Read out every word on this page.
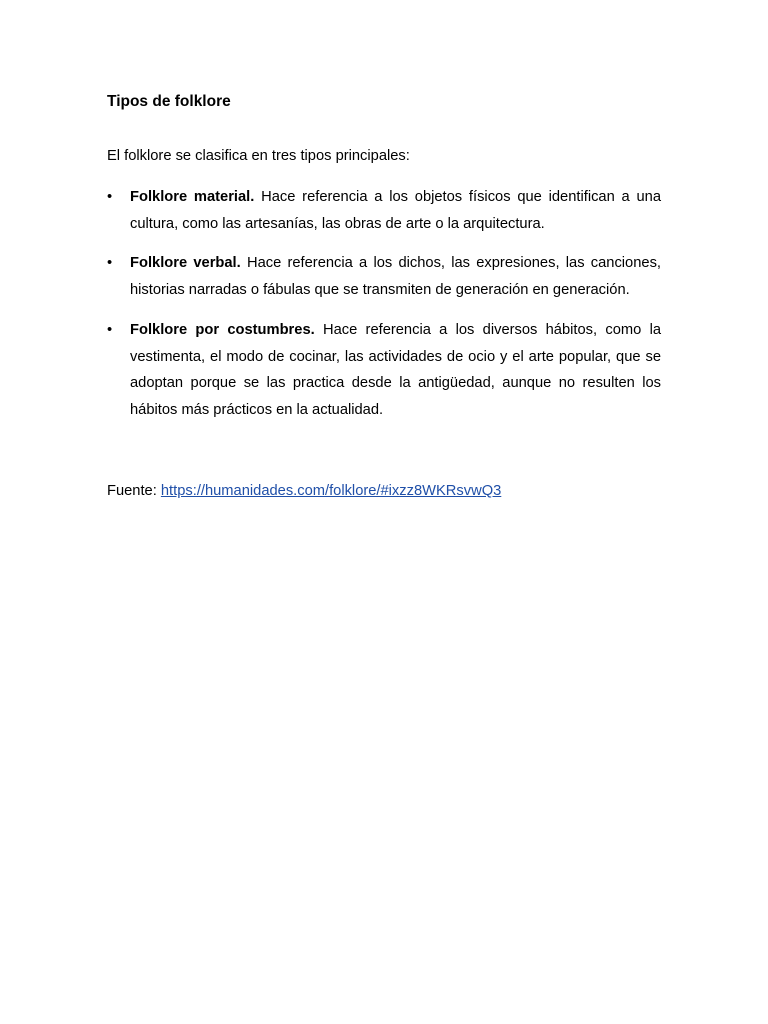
Tipos de folklore

El folklore se clasifica en tres tipos principales:

• Folklore material. Hace referencia a los objetos físicos que identifican a una cultura, como las artesanías, las obras de arte o la arquitectura.

• Folklore verbal. Hace referencia a los dichos, las expresiones, las canciones, historias narradas o fábulas que se transmiten de generación en generación.

• Folklore por costumbres. Hace referencia a los diversos hábitos, como la vestimenta, el modo de cocinar, las actividades de ocio y el arte popular, que se adoptan porque se las practica desde la antigüedad, aunque no resulten los hábitos más prácticos en la actualidad.

Fuente: https://humanidades.com/folklore/#ixzz8WKRsvwQ3
